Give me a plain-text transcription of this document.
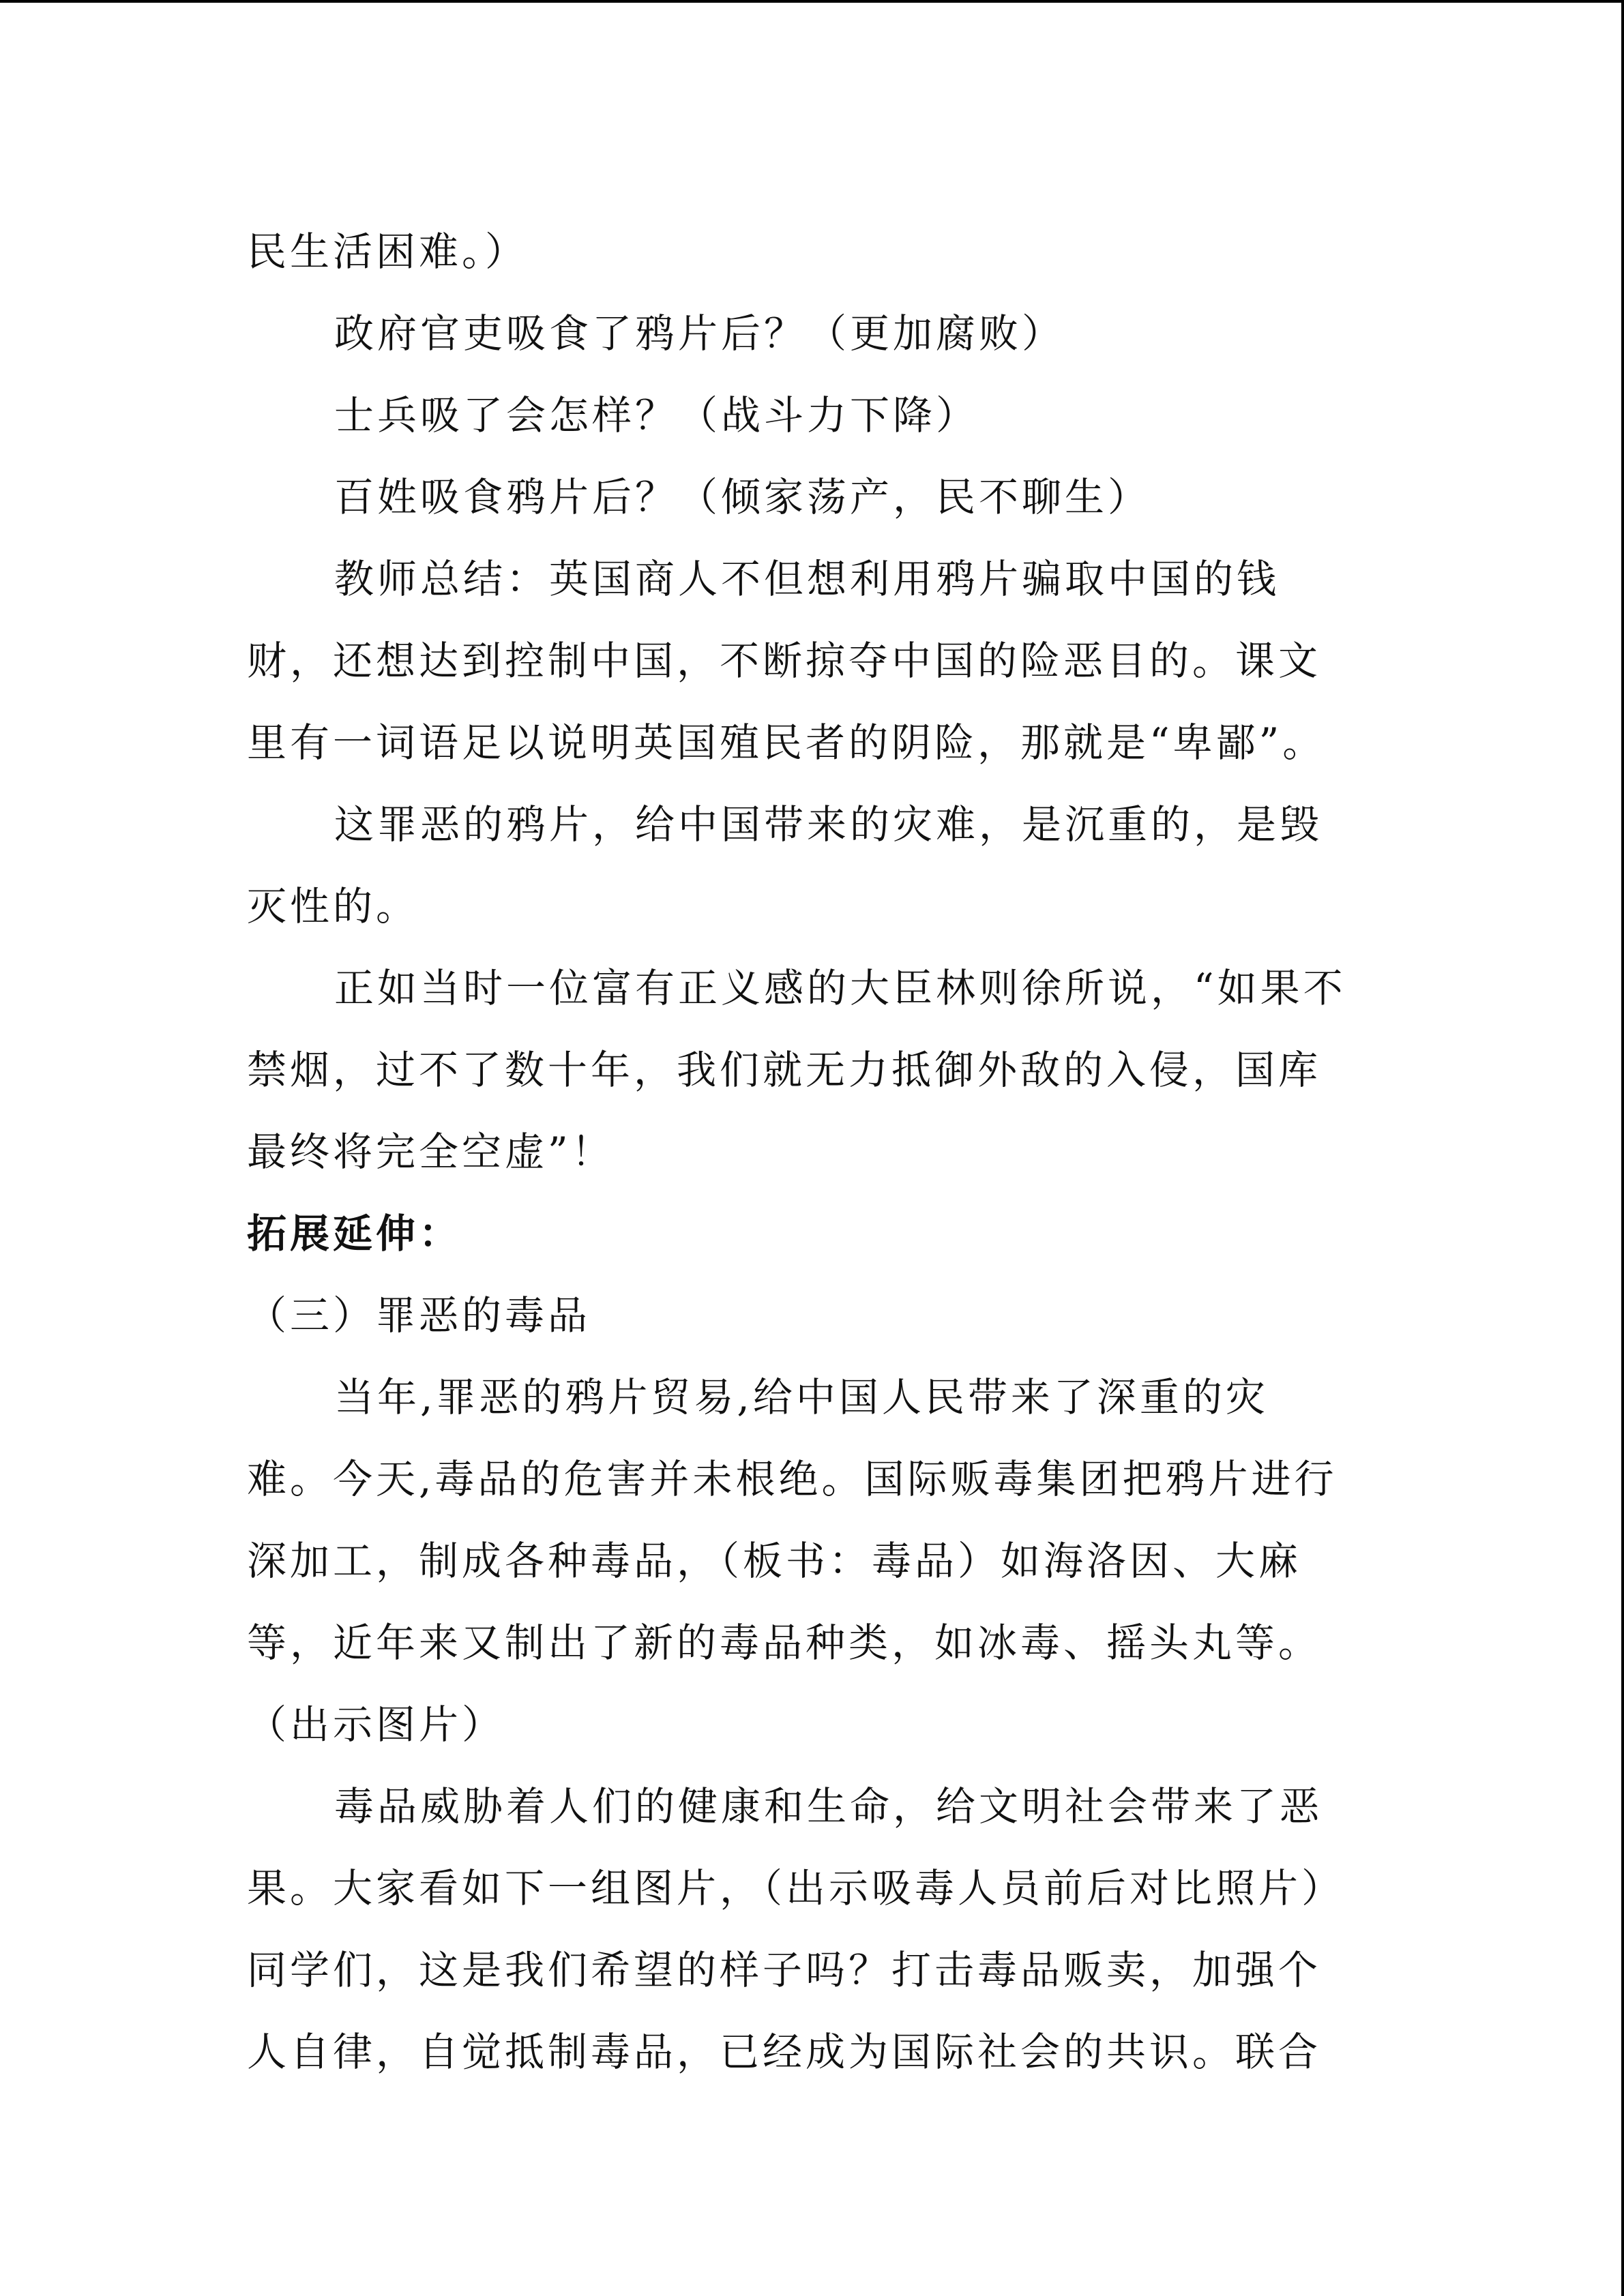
民生活困难。）
政府官吏吸食了鸦片后？（更加腐败）
士兵吸了会怎样？（战斗力下降）
百姓吸食鸦片后？（倾家荡产，民不聊生）
教师总结：英国商人不但想利用鸦片骗取中国的钱
财，还想达到控制中国，不断掠夺中国的险恶目的。课文
里有一词语足以说明英国殖民者的阴险，那就是“卑鄙”。
这罪恶的鸦片，给中国带来的灾难，是沉重的，是毁
灭性的。
正如当时一位富有正义感的大臣林则徐所说，“如果不
禁烟，过不了数十年，我们就无力抵御外敌的入侵，国库
最终将完全空虚”！
拓展延伸：
（三）罪恶的毒品
当年,罪恶的鸦片贸易,给中国人民带来了深重的灾
难。今天,毒品的危害并未根绝。国际贩毒集团把鸦片进行
深加工，制成各种毒品，（板书：毒品）如海洛因、大麻
等，近年来又制出了新的毒品种类，如冰毒、摇头丸等。
（出示图片）
毒品威胁着人们的健康和生命，给文明社会带来了恶
果。大家看如下一组图片，（出示吸毒人员前后对比照片）
同学们，这是我们希望的样子吗？打击毒品贩卖，加强个
人自律，自觉抵制毒品，已经成为国际社会的共识。联合
